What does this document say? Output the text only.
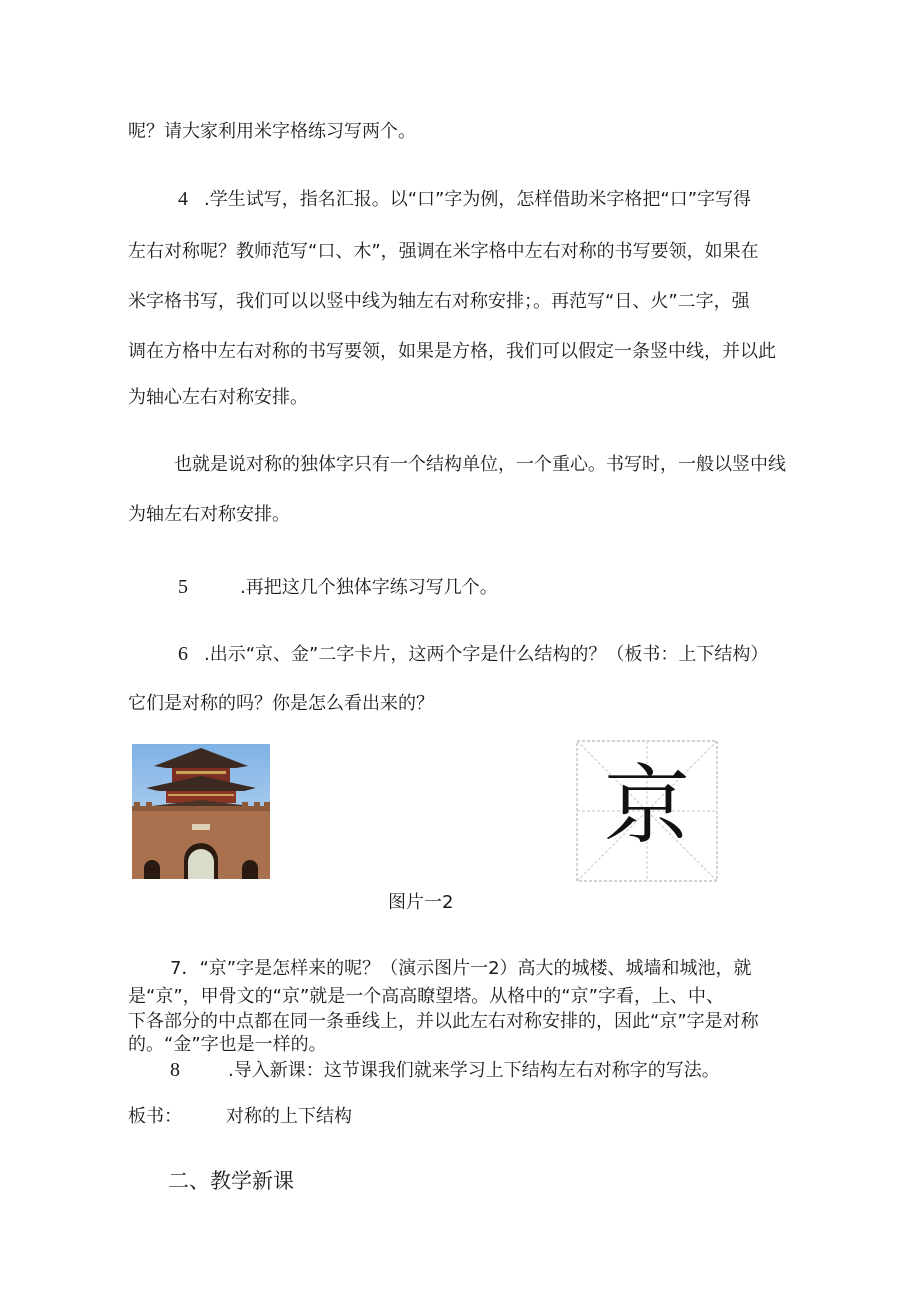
呢？请大家利用米字格练习写两个。
4 .学生试写，指名汇报。以“口”字为例，怎样借助米字格把“口”字写得
左右对称呢？教师范写“口、木”，强调在米字格中左右对称的书写要领，如果在
米字格书写，我们可以以竖中线为轴左右对称安排；。再范写“日、火”二字，强
调在方格中左右对称的书写要领，如果是方格，我们可以假定一条竖中线，并以此
为轴心左右对称安排。
也就是说对称的独体字只有一个结构单位，一个重心。书写时，一般以竖中线
为轴左右对称安排。
5	.再把这几个独体字练习写几个。
6 .出示“京、金”二字卡片，这两个字是什么结构的？（板书：上下结构）
它们是对称的吗？你是怎么看出来的？
京
图片一2
7．“京”字是怎样来的呢？（演示图片一2）高大的城楼、城墙和城池，就
是“京”，甲骨文的“京”就是一个高高瞭望塔。从格中的“京”字看，上、中、
下各部分的中点都在同一条垂线上，并以此左右对称安排的，因此“京”字是对称
的。“金”字也是一样的。
8	.导入新课：这节课我们就来学习上下结构左右对称字的写法。
板书： 对称的上下结构
二、教学新课
